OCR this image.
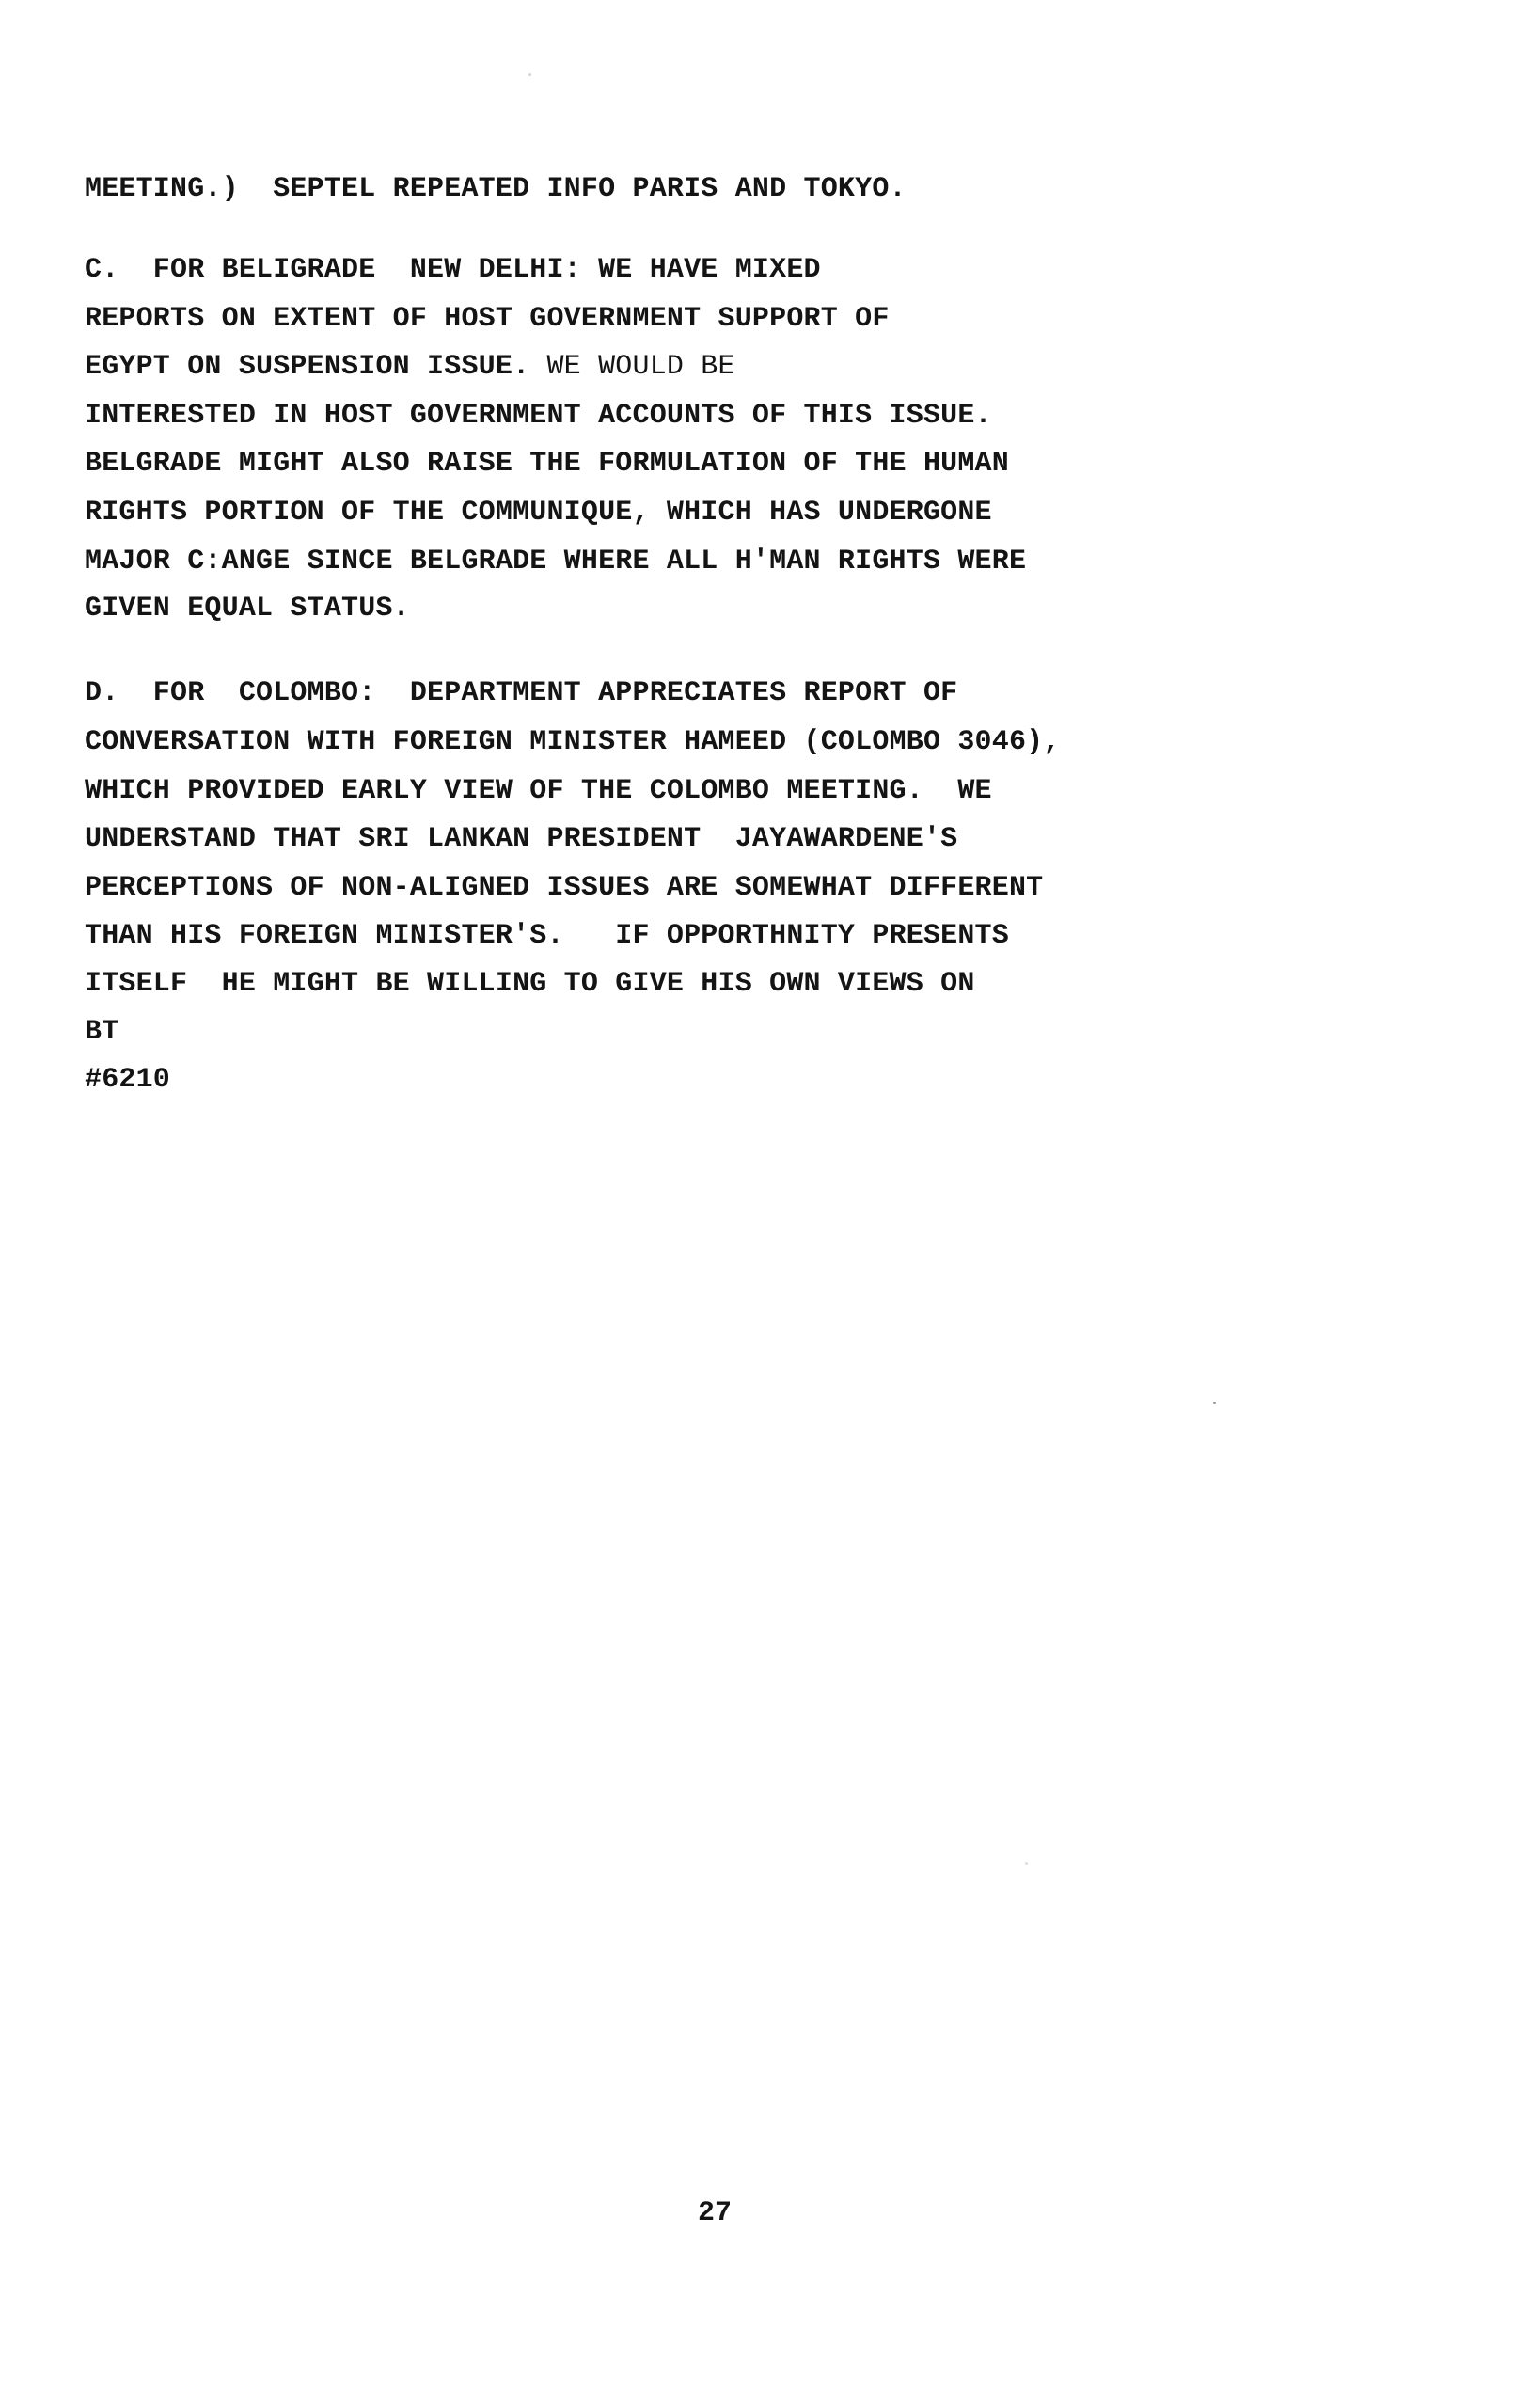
MEETING.)  SEPTEL REPEATED INFO PARIS AND TOKYO.

C.  FOR BELIGRADE  NEW DELHI: WE HAVE MIXED

REPORTS ON EXTENT OF HOST GOVERNMENT SUPPORT OF

EGYPT ON SUSPENSION ISSUE. WE WOULD BE

INTERESTED IN HOST GOVERNMENT ACCOUNTS OF THIS ISSUE.

BELGRADE MIGHT ALSO RAISE THE FORMULATION OF THE HUMAN

RIGHTS PORTION OF THE COMMUNIQUE, WHICH HAS UNDERGONE

MAJOR C:ANGE SINCE BELGRADE WHERE ALL H'MAN RIGHTS WERE

GIVEN EQUAL STATUS.

D.  FOR  COLOMBO:  DEPARTMENT APPRECIATES REPORT OF

CONVERSATION WITH FOREIGN MINISTER HAMEED (COLOMBO 3046),

WHICH PROVIDED EARLY VIEW OF THE COLOMBO MEETING.  WE

UNDERSTAND THAT SRI LANKAN PRESIDENT  JAYAWARDENE'S

PERCEPTIONS OF NON-ALIGNED ISSUES ARE SOMEWHAT DIFFERENT

THAN HIS FOREIGN MINISTER'S.   IF OPPORTHNITY PRESENTS

ITSELF  HE MIGHT BE WILLING TO GIVE HIS OWN VIEWS ON

BT

#6210

27
